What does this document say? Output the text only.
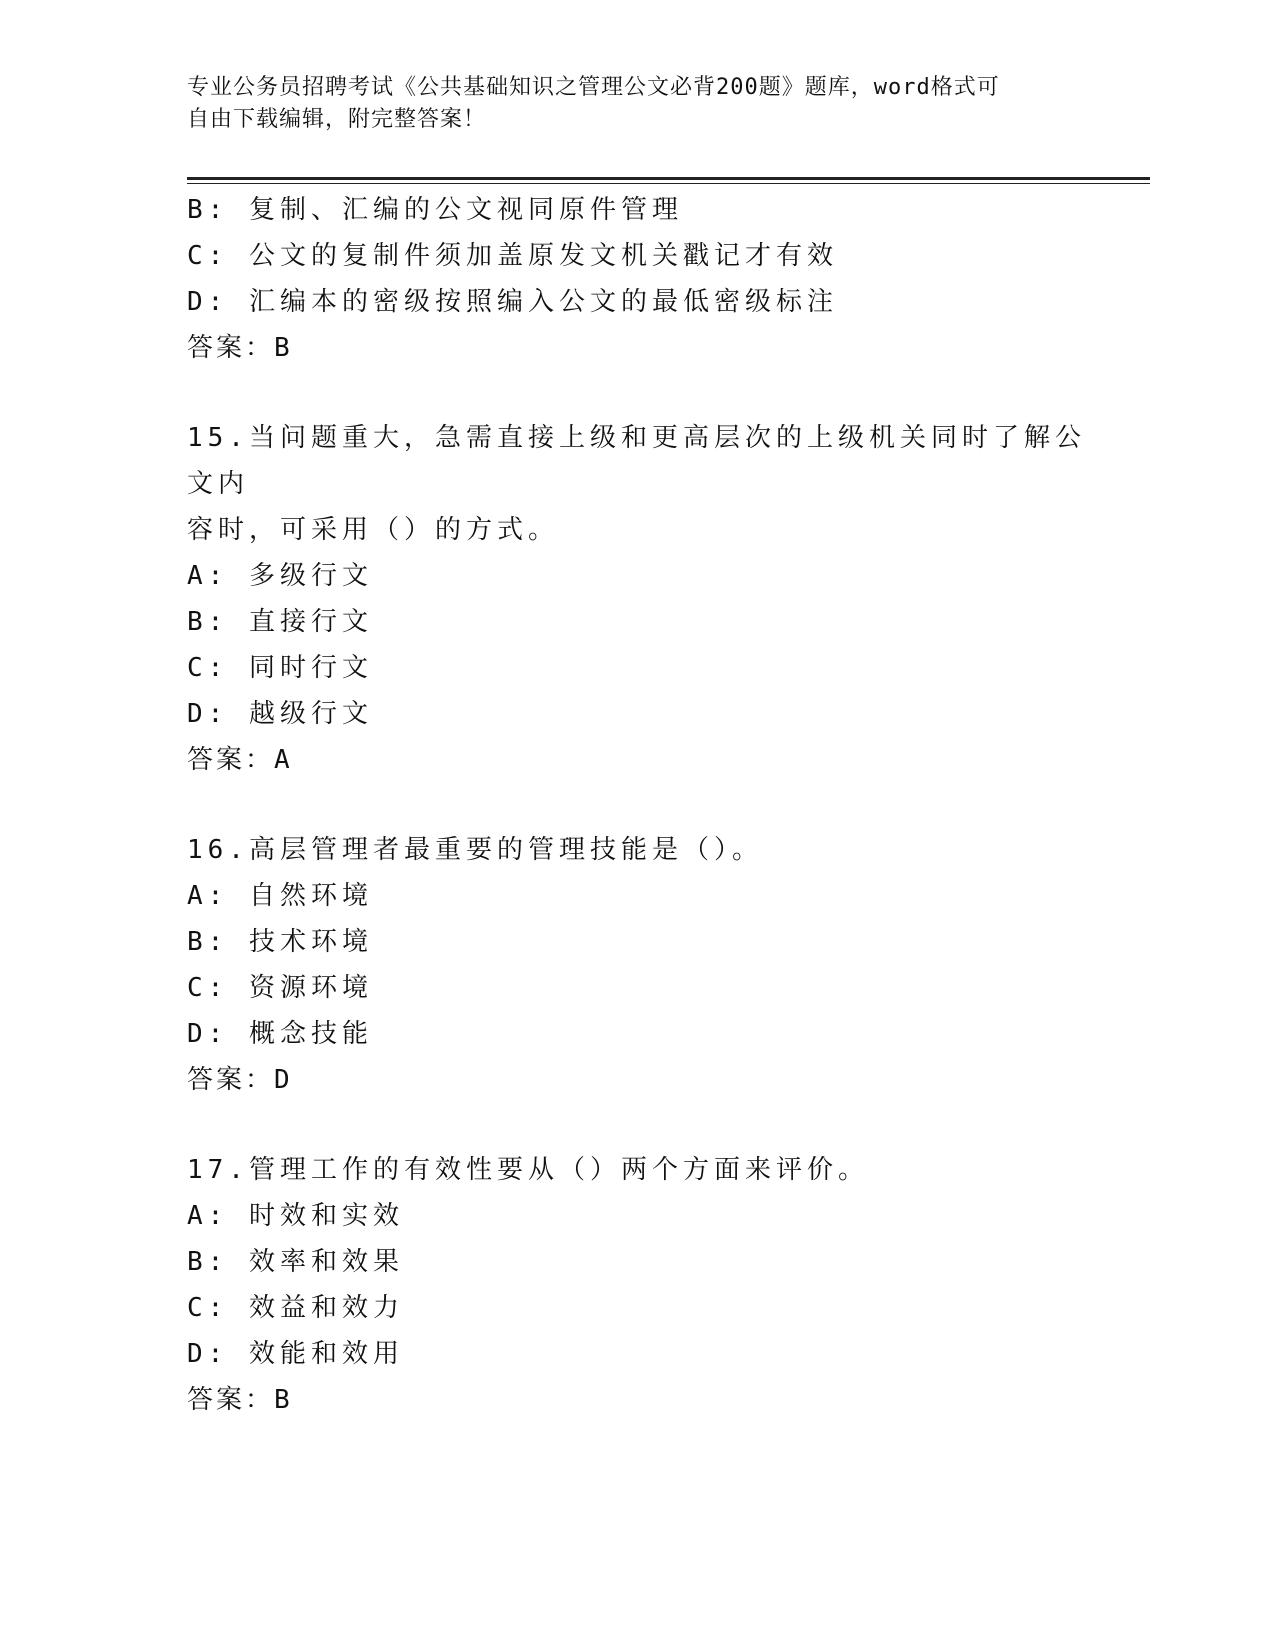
专业公务员招聘考试《公共基础知识之管理公文必背200题》题库，word格式可
自由下载编辑，附完整答案！
B: 复制、汇编的公文视同原件管理
C: 公文的复制件须加盖原发文机关戳记才有效
D: 汇编本的密级按照编入公文的最低密级标注
答案：B
15.当问题重大，急需直接上级和更高层次的上级机关同时了解公文内
容时，可采用（）的方式。
A: 多级行文
B: 直接行文
C: 同时行文
D: 越级行文
答案：A
16.高层管理者最重要的管理技能是（）。
A: 自然环境
B: 技术环境
C: 资源环境
D: 概念技能
答案：D
17.管理工作的有效性要从（）两个方面来评价。
A: 时效和实效
B: 效率和效果
C: 效益和效力
D: 效能和效用
答案：B
